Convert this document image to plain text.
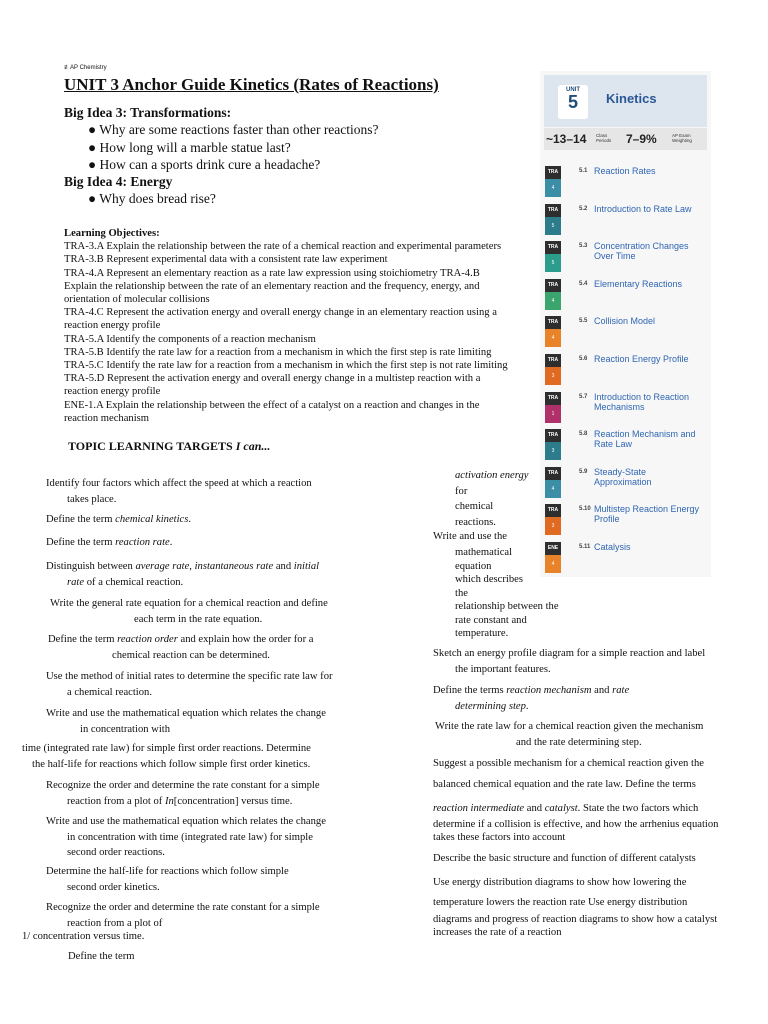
≢AP Chemistry
UNIT 3 Anchor Guide Kinetics (Rates of Reactions)
Big Idea 3: Transformations:
● Why are some reactions faster than other reactions?
● How long will a marble statue last?
● How can a sports drink cure a headache?
Big Idea 4: Energy
● Why does bread rise?
Learning Objectives:
TRA-3.A Explain the relationship between the rate of a chemical reaction and experimental parameters
TRA-3.B Represent experimental data with a consistent rate law experiment
TRA-4.A Represent an elementary reaction as a rate law expression using stoichiometry TRA-4.B
Explain the relationship between the rate of an elementary reaction and the frequency, energy, and
orientation of molecular collisions
TRA-4.C Represent the activation energy and overall energy change in an elementary reaction using a
reaction energy profile
TRA-5.A Identify the components of a reaction mechanism
TRA-5.B Identify the rate law for a reaction from a mechanism in which the first step is rate limiting
TRA-5.C Identify the rate law for a reaction from a mechanism in which the first step is not rate limiting
TRA-5.D Represent the activation energy and overall energy change in a multistep reaction with a
reaction energy profile
ENE-1.A Explain the relationship between the effect of a catalyst on a reaction and changes in the
reaction mechanism
TOPIC LEARNING TARGETS I can...
Identify four factors which affect the speed at which a reaction
takes place.
Define the term chemical kinetics.
Define the term reaction rate.
Distinguish between average rate, instantaneous rate and initial
rate of a chemical reaction.
Write the general rate equation for a chemical reaction and define
each term in the rate equation.
Define the term reaction order and explain how the order for a
chemical reaction can be determined.
Use the method of initial rates to determine the specific rate law for
a chemical reaction.
Write and use the mathematical equation which relates the change
in concentration with
time (integrated rate law) for simple first order reactions. Determine
the half-life for reactions which follow simple first order kinetics.
Recognize the order and determine the rate constant for a simple
reaction from a plot of In[concentration] versus time.
Write and use the mathematical equation which relates the change
in concentration with time (integrated rate law) for simple
second order reactions.
Determine the half-life for reactions which follow simple
second order kinetics.
Recognize the order and determine the rate constant for a simple
reaction from a plot of
1/ concentration versus time.
Define the term
activation energy
for
chemical
reactions.
Write and use the
mathematical
equation
which describes
the
relationship between the
rate constant and
temperature.
Sketch an energy profile diagram for a simple reaction and label
the important features.
Define the terms reaction mechanism and rate
determining step.
Write the rate law for a chemical reaction given the mechanism
and the rate determining step.
Suggest a possible mechanism for a chemical reaction given the
balanced chemical equation and the rate law. Define the terms
reaction intermediate and catalyst. State the two factors which
determine if a collision is effective, and how the arrhenius equation
takes these factors into account
Describe the basic structure and function of different catalysts
Use energy distribution diagrams to show how lowering the
temperature lowers the reaction rate Use energy distribution
diagrams and progress of reaction diagrams to show how a catalyst
increases the rate of a reaction
UNIT
5	Kinetics
~13–14 Class
Periods 7–9%	AP Exam
Weighting
TRA
4
5.1 Reaction Rates
TRA
5
5.2 Introduction to Rate Law
TRA
5
5.3 Concentration Changes Over Time
TRA
4
5.4 Elementary Reactions
TRA
4
5.5 Collision Model
TRA
3
5.6 Reaction Energy Profile
TRA
1
5.7 Introduction to Reaction Mechanisms
TRA
3
5.8 Reaction Mechanism and Rate Law
TRA
4
5.9 Steady-State Approximation
TRA
3
5.10 Multistep Reaction Energy Profile
ENE
4
5.11 Catalysis
